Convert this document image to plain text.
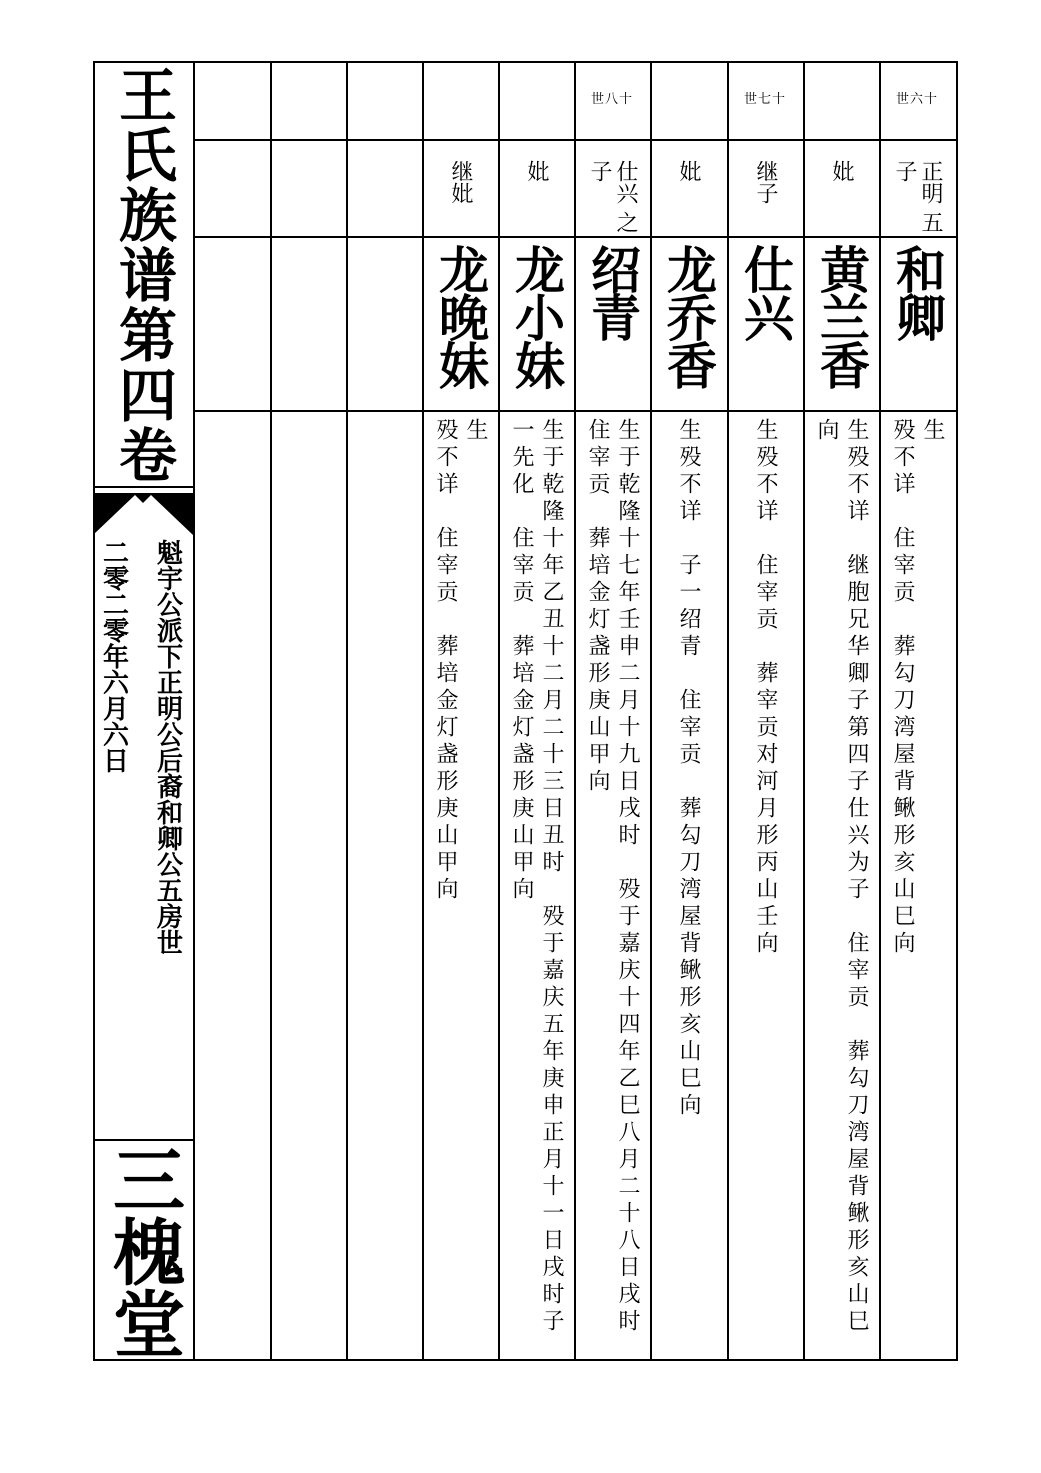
王氏族谱第四卷
魁宇公派下正明公后裔和卿公五房世
二零二零年六月六日
三槐堂
世六十
正明 五子
和卿
生
殁不详　住宰贡　葬勾刀湾屋背鳅形亥山巳向
妣
黄兰香
生殁不详　继胞兄华卿子第四子仕兴为子　住宰贡　葬勾刀湾屋背鳅形亥山巳向
世七十
继子
仕兴
生殁不详　住宰贡　葬宰贡对河月形丙山壬向
妣
龙乔香
生殁不详　子一绍青　住宰贡　葬勾刀湾屋背鳅形亥山巳向
世八十
仕兴 之子
绍青
生于乾隆十七年壬申二月十九日戌时　殁于嘉庆十四年乙巳八月二十八日戌时　住宰贡　葬培金灯盏形庚山甲向
妣
龙小妹
生于乾隆十年乙丑十二月二十三日丑时　殁于嘉庆五年庚申正月十一日戌时子一先化　住宰贡　葬培金灯盏形庚山甲向
继妣
龙晚妹
生
殁不详　住宰贡　葬培金灯盏形庚山甲向
